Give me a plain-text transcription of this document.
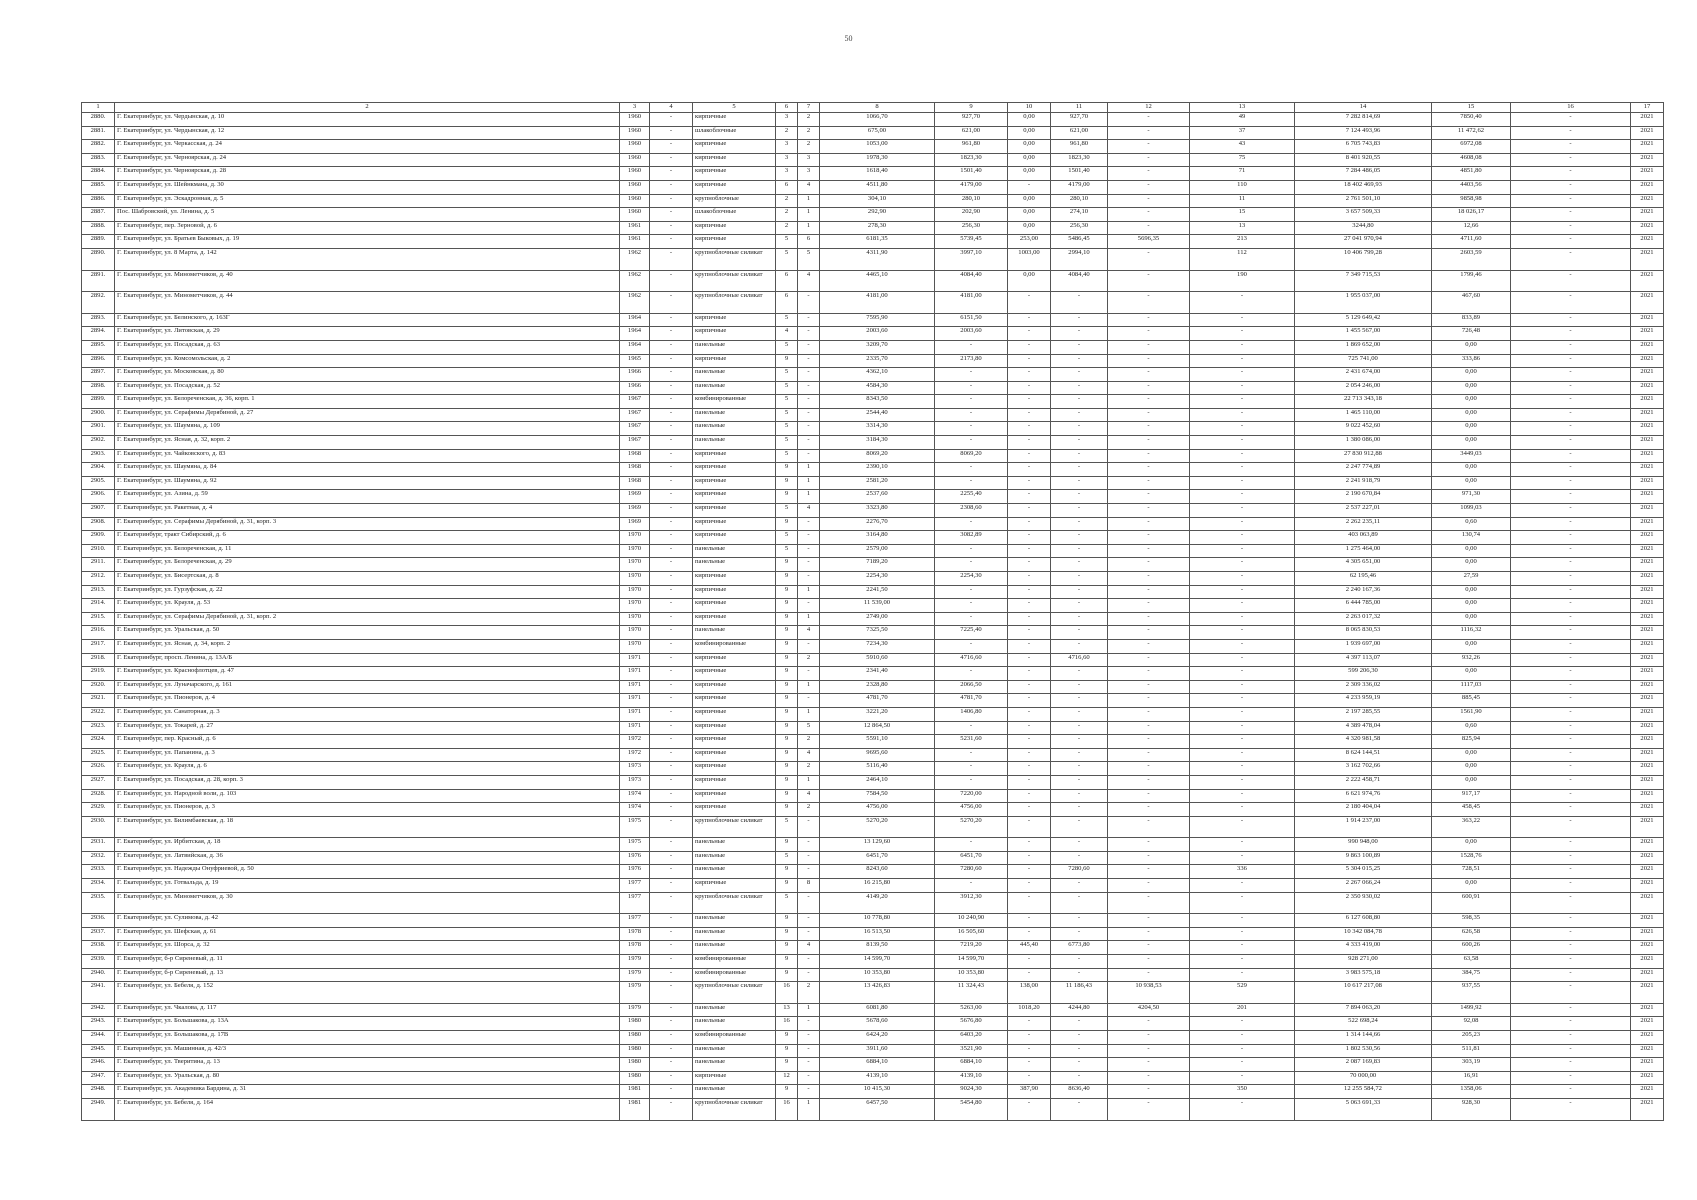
50
1	2	3	4	5	6	7	8	9	10	11	12	13	14	15	16	17
2880.	Г. Екатеринбург, ул. Чердынская, д. 10	1960	-	кирпичные	3	2	1066,70	927,70	0,00	927,70	-	49	7 282 814,69	7850,40	-	2021
2881.	Г. Екатеринбург, ул. Чердынская, д. 12	1960	-	шлакоблочные	2	2	675,00	621,00	0,00	621,00	-	37	7 124 493,96	11 472,62	-	2021
2882.	Г. Екатеринбург, ул. Черкасская, д. 24	1960	-	кирпичные	3	2	1053,00	961,80	0,00	961,80	-	43	6 705 743,83	6972,08	-	2021
2883.	Г. Екатеринбург, ул. Черноярская, д. 24	1960	-	кирпичные	3	3	1978,30	1823,30	0,00	1823,30	-	75	8 401 920,55	4608,08	-	2021
2884.	Г. Екатеринбург, ул. Черноярская, д. 28	1960	-	кирпичные	3	3	1618,40	1501,40	0,00	1501,40	-	71	7 284 486,05	4851,80	-	2021
2885.	Г. Екатеринбург, ул. Шейнкмана, д. 30	1960	-	кирпичные	6	4	4511,80	4179,00	-	4179,00	-	110	18 402 469,93	4403,56	-	2021
2886.	Г. Екатеринбург, ул. Эскадронная, д. 5	1960	-	крупноблочные	2	1	304,10	280,10	0,00	280,10	-	11	2 761 501,10	9858,98	-	2021
2887.	Пос. Шабровский, ул. Ленина, д. 5	1960	-	шлакоблочные	2	1	292,90	202,90	0,00	274,10	-	15	3 657 509,33	18 026,17	-	2021
2888.	Г. Екатеринбург, пер. Зерновой, д. 6	1961	-	кирпичные	2	1	278,30	256,30	0,00	256,30	-	13	3244,80	12,66	-	2021
2889.	Г. Екатеринбург, ул. Братьев Быковых, д. 19	1961	-	кирпичные	5	6	6181,35	5739,45	253,00	5486,45	5696,35	213	27 041 970,94	4711,60	-	2021
2890.	Г. Екатеринбург, ул. 8 Марта, д. 142	1962	-	крупноблочные силикат	5	5	4311,90	3997,10	1003,00	2994,10	-	112	10 406 799,28	2603,59	-	2021
2891.	Г. Екатеринбург, ул. Минометчиков, д. 40	1962	-	крупноблочные силикат	6	4	4465,10	4084,40	0,00	4084,40	-	190	7 349 715,53	1799,46	-	2021
2892.	Г. Екатеринбург, ул. Минометчиков, д. 44	1962	-	крупноблочные силикат	6	-	4181,00	4181,00	-	-	-	-	1 955 037,00	467,60	-	2021
2893.	Г. Екатеринбург, ул. Белинского, д. 163Г	1964	-	кирпичные	5	-	7595,90	6151,50	-	-	-	-	5 129 649,42	833,89	-	2021
2894.	Г. Екатеринбург, ул. Литовская, д. 29	1964	-	кирпичные	4	-	2003,60	2003,60	-	-	-	-	1 455 567,00	726,48	-	2021
2895.	Г. Екатеринбург, ул. Посадская, д. 63	1964	-	панельные	5	-	3209,70	-	-	-	-	-	1 869 652,00	0,00	-	2021
2896.	Г. Екатеринбург, ул. Комсомольская, д. 2	1965	-	кирпичные	9	-	2335,70	2173,80	-	-	-	-	725 741,00	333,86	-	2021
2897.	Г. Екатеринбург, ул. Московская, д. 80	1966	-	панельные	5	-	4362,10	-	-	-	-	-	2 431 674,00	0,00	-	2021
2898.	Г. Екатеринбург, ул. Посадская, д. 52	1966	-	панельные	5	-	4584,30	-	-	-	-	-	2 054 246,00	0,00	-	2021
2899.	Г. Екатеринбург, ул. Белореченская, д. 36, корп. 1	1967	-	комбинированные	5	-	8343,50	-	-	-	-	-	22 713 343,18	0,00	-	2021
2900.	Г. Екатеринбург, ул. Серафимы Дерябиной, д. 27	1967	-	панельные	5	-	2544,40	-	-	-	-	-	1 465 110,00	0,00	-	2021
2901.	Г. Екатеринбург, ул. Шаумяна, д. 109	1967	-	панельные	5	-	3314,30	-	-	-	-	-	9 022 452,60	0,00	-	2021
2902.	Г. Екатеринбург, ул. Ясная, д. 32, корп. 2	1967	-	панельные	5	-	3184,30	-	-	-	-	-	1 380 086,00	0,00	-	2021
2903.	Г. Екатеринбург, ул. Чайковского, д. 83	1968	-	кирпичные	5	-	8069,20	8069,20	-	-	-	-	27 830 912,88	3449,03	-	2021
2904.	Г. Екатеринбург, ул. Шаумяна, д. 84	1968	-	кирпичные	9	1	2390,10	-	-	-	-	-	2 247 774,89	0,00	-	2021
2905.	Г. Екатеринбург, ул. Шаумяна, д. 92	1968	-	кирпичные	9	1	2581,20	-	-	-	-	-	2 241 918,79	0,00	-	2021
2906.	Г. Екатеринбург, ул. Азина, д. 59	1969	-	кирпичные	9	1	2537,60	2255,40	-	-	-	-	2 190 670,84	971,30	-	2021
2907.	Г. Екатеринбург, ул. Ракетная, д. 4	1969	-	кирпичные	5	4	3323,80	2308,60	-	-	-	-	2 537 227,01	1099,03	-	2021
2908.	Г. Екатеринбург, ул. Серафимы Дерябиной, д. 31, корп. 3	1969	-	кирпичные	9	-	2276,70	-	-	-	-	-	2 262 235,11	0,60	-	2021
2909.	Г. Екатеринбург, тракт Сибирский, д. 6	1970	-	кирпичные	5	-	3164,80	3082,89	-	-	-	-	403 063,89	130,74	-	2021
2910.	Г. Екатеринбург, ул. Белореченская, д. 11	1970	-	панельные	5	-	2579,00	-	-	-	-	-	1 275 464,00	0,00	-	2021
2911.	Г. Екатеринбург, ул. Белореченская, д. 29	1970	-	панельные	9	-	7189,20	-	-	-	-	-	4 305 651,00	0,00	-	2021
2912.	Г. Екатеринбург, ул. Бисертская, д. 8	1970	-	кирпичные	9	-	2254,30	2254,30	-	-	-	-	62 195,46	27,59	-	2021
2913.	Г. Екатеринбург, ул. Гурзуфская, д. 22	1970	-	кирпичные	9	1	2241,50	-	-	-	-	-	2 240 167,36	0,00	-	2021
2914.	Г. Екатеринбург, ул. Крауля, д. 53	1970	-	кирпичные	9	-	11 539,00	-	-	-	-	-	6 444 785,00	0,00	-	2021
2915.	Г. Екатеринбург, ул. Серафимы Дерябиной, д. 31, корп. 2	1970	-	кирпичные	9	1	2749,00	-	-	-	-	-	2 263 017,32	0,00	-	2021
2916.	Г. Екатеринбург, ул. Уральская, д. 50	1970	-	панельные	9	4	7325,50	7225,40	-	-	-	-	8 065 830,53	1116,32	-	2021
2917.	Г. Екатеринбург, ул. Ясная, д. 34, корп. 2	1970	-	комбинированные	9	-	7234,30	-	-	-	-	-	1 939 697,00	0,00	-	2021
2918.	Г. Екатеринбург, просп. Ленина, д. 13А/Б	1971	-	кирпичные	9	2	5910,60	4716,60	-	4716,60	-	-	4 397 113,07	932,26	-	2021
2919.	Г. Екатеринбург, ул. Краснофлотцев, д. 47	1971	-	кирпичные	9	-	2341,40	-	-	-	-	-	599 206,30	0,00	-	2021
2920.	Г. Екатеринбург, ул. Луначарского, д. 161	1971	-	кирпичные	9	1	2328,80	2066,50	-	-	-	-	2 309 336,02	1117,03	-	2021
2921.	Г. Екатеринбург, ул. Пионеров, д. 4	1971	-	кирпичные	9	-	4781,70	4781,70	-	-	-	-	4 233 959,19	885,45	-	2021
2922.	Г. Екатеринбург, ул. Санаторная, д. 3	1971	-	кирпичные	9	1	3221,20	1406,80	-	-	-	-	2 197 285,55	1561,90	-	2021
2923.	Г. Екатеринбург, ул. Токарей, д. 27	1971	-	кирпичные	9	5	12 864,50	-	-	-	-	-	4 389 478,04	0,60	-	2021
2924.	Г. Екатеринбург, пер. Красный, д. 6	1972	-	кирпичные	9	2	5591,10	5231,60	-	-	-	-	4 320 981,58	825,94	-	2021
2925.	Г. Екатеринбург, ул. Папанина, д. 3	1972	-	кирпичные	9	4	9695,60	-	-	-	-	-	8 624 144,51	0,00	-	2021
2926.	Г. Екатеринбург, ул. Крауля, д. 6	1973	-	кирпичные	9	2	5116,40	-	-	-	-	-	3 162 702,66	0,00	-	2021
2927.	Г. Екатеринбург, ул. Посадская, д. 28, корп. 3	1973	-	кирпичные	9	1	2464,10	-	-	-	-	-	2 222 458,71	0,00	-	2021
2928.	Г. Екатеринбург, ул. Народной воли, д. 103	1974	-	кирпичные	9	4	7584,50	7220,00	-	-	-	-	6 621 974,76	917,17	-	2021
2929.	Г. Екатеринбург, ул. Пионеров, д. 3	1974	-	кирпичные	9	2	4756,00	4756,00	-	-	-	-	2 180 404,04	458,45	-	2021
2930.	Г. Екатеринбург, ул. Билимбаевская, д. 18	1975	-	крупноблочные силикат	5	-	5270,20	5270,20	-	-	-	-	1 914 237,00	363,22	-	2021
2931.	Г. Екатеринбург, ул. Ирбитская, д. 18	1975	-	панельные	9	-	13 129,60	-	-	-	-	-	990 948,00	0,00	-	2021
2932.	Г. Екатеринбург, ул. Латвийская, д. 36	1976	-	панельные	5	-	6451,70	6451,70	-	-	-	-	9 863 100,89	1528,76	-	2021
2933.	Г. Екатеринбург, ул. Надежды Онуфриевой, д. 50	1976	-	панельные	9	-	8243,60	7280,60	-	7280,60	-	336	5 304 015,25	728,51	-	2021
2934.	Г. Екатеринбург, ул. Готвальда, д. 19	1977	-	кирпичные	9	8	16 215,80	-	-	-	-	-	2 267 066,24	0,00	-	2021
2935.	Г. Екатеринбург, ул. Минометчиков, д. 30	1977	-	крупноблочные силикат	5	-	4149,20	3912,30	-	-	-	-	2 350 930,02	600,91	-	2021
2936.	Г. Екатеринбург, ул. Сулимова, д. 42	1977	-	панельные	9	-	10 778,80	10 240,90	-	-	-	-	6 127 608,80	598,35	-	2021
2937.	Г. Екатеринбург, ул. Шефская, д. 61	1978	-	панельные	9	-	16 513,50	16 505,60	-	-	-	-	10 342 084,78	626,58	-	2021
2938.	Г. Екатеринбург, ул. Шорса, д. 32	1978	-	панельные	9	4	8139,50	7219,20	445,40	6773,80	-	-	4 333 419,00	600,26	-	2021
2939.	Г. Екатеринбург, б-р Сиреневый, д. 11	1979	-	комбинированные	9	-	14 599,70	14 599,70	-	-	-	-	928 271,00	63,58	-	2021
2940.	Г. Екатеринбург, б-р Сиреневый, д. 13	1979	-	комбинированные	9	-	10 353,80	10 353,80	-	-	-	-	3 983 575,18	384,75	-	2021
2941.	Г. Екатеринбург, ул. Бебеля, д. 152	1979	-	крупноблочные силикат	16	2	13 426,83	11 324,43	138,00	11 186,43	10 938,53	529	10 617 217,08	937,55	-	2021
2942.	Г. Екатеринбург, ул. Чкалова, д. 117	1979	-	панельные	13	1	6081,80	5263,00	1018,20	4244,80	4204,50	201	7 894 063,20	1499,92	-	2021
2943.	Г. Екатеринбург, ул. Большакова, д. 13А	1980	-	панельные	16	-	5678,60	5676,80	-	-	-	-	522 698,24	92,08	-	2021
2944.	Г. Екатеринбург, ул. Большакова, д. 17В	1980	-	комбинированные	9	-	6424,20	6403,20	-	-	-	-	1 314 144,66	205,23	-	2021
2945.	Г. Екатеринбург, ул. Машинная, д. 42/3	1980	-	панельные	9	-	3911,60	3521,90	-	-	-	-	1 802 530,56	511,81	-	2021
2946.	Г. Екатеринбург, ул. Тверитина, д. 13	1980	-	панельные	9	-	6884,10	6884,10	-	-	-	-	2 087 169,83	303,19	-	2021
2947.	Г. Екатеринбург, ул. Уральская, д. 80	1980	-	кирпичные	12	-	4139,10	4139,10	-	-	-	-	70 000,00	16,91	-	2021
2948.	Г. Екатеринбург, ул. Академика Бардина, д. 31	1981	-	панельные	9	-	10 415,30	9024,30	387,90	8636,40	-	350	12 255 584,72	1358,06	-	2021
2949.	Г. Екатеринбург, ул. Бебеля, д. 164	1981	-	крупноблочные силикат	16	1	6457,50	5454,80	-	-	-	-	5 063 691,33	928,30	-	2021
